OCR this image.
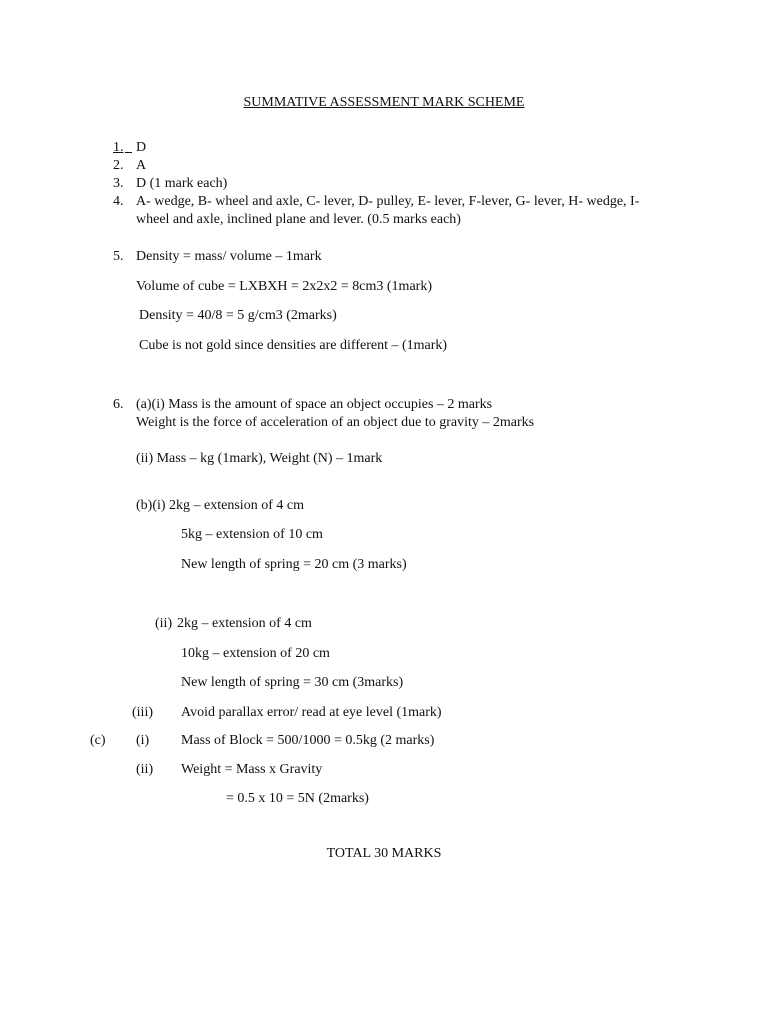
SUMMATIVE ASSESSMENT MARK SCHEME
1.
D
2. A
3. D (1 mark each)
4. A- wedge, B- wheel and axle, C- lever, D- pulley, E- lever, F-lever, G- lever, H- wedge, I-
wheel and axle, inclined plane and lever. (0.5 marks each)
5. Density = mass/ volume – 1mark
Volume of cube = LXBXH = 2x2x2 = 8cm3 (1mark)
Density = 40/8 = 5 g/cm3 (2marks)
Cube is not gold since densities are different – (1mark)
6. (a)(i) Mass is the amount of space an object occupies – 2 marks
Weight is the force of acceleration of an object due to gravity – 2marks
(ii) Mass – kg (1mark), Weight (N) – 1mark
(b)(i) 2kg – extension of 4 cm
5kg – extension of 10 cm
New length of spring = 20 cm (3 marks)
(ii) 2kg – extension of 4 cm
10kg – extension of 20 cm
New length of spring = 30 cm (3marks)
(iii) Avoid parallax error/ read at eye level (1mark)
(c) (i) Mass of Block = 500/1000 = 0.5kg (2 marks)
(ii) Weight = Mass x Gravity
= 0.5 x 10 = 5N (2marks)
TOTAL 30 MARKS
